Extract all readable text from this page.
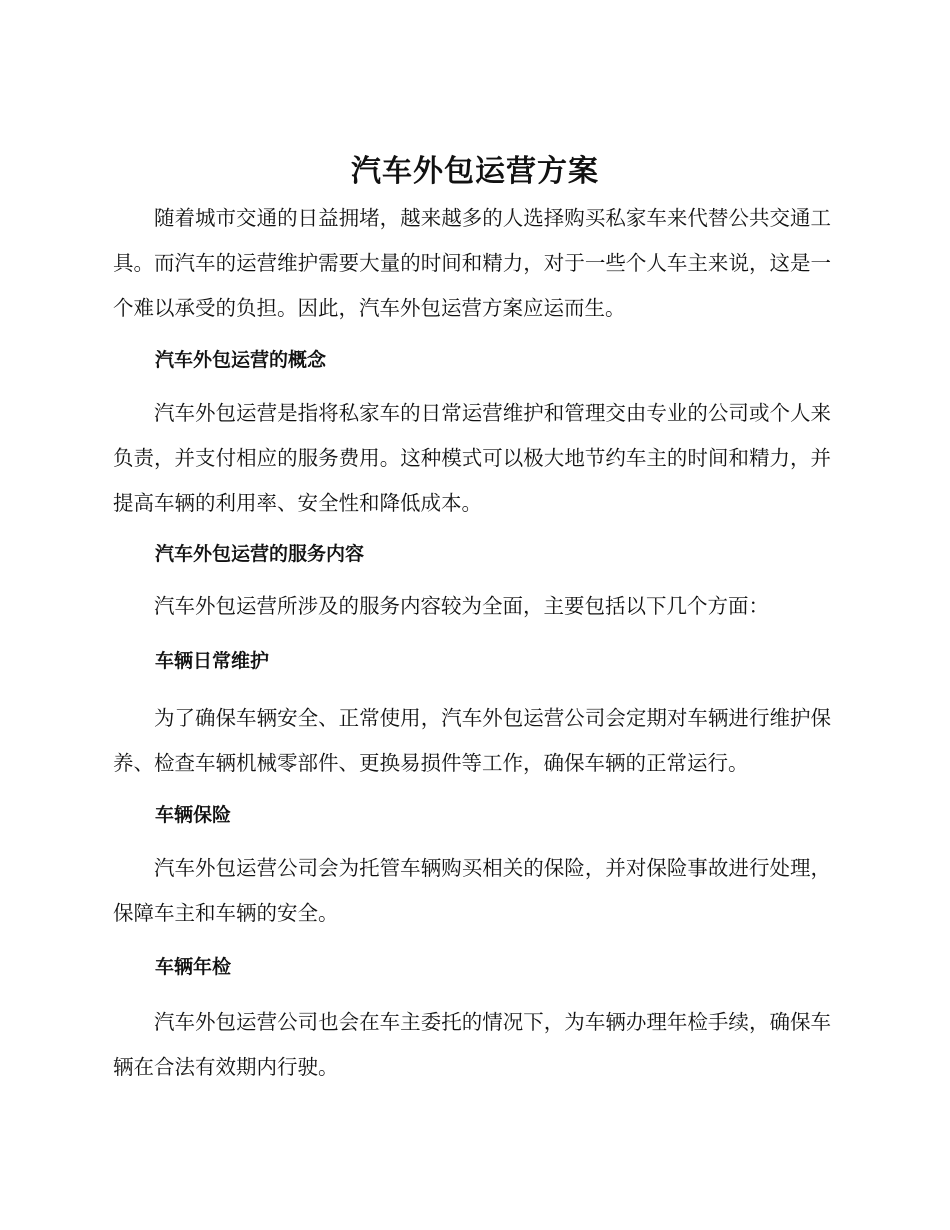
汽车外包运营方案

随着城市交通的日益拥堵，越来越多的人选择购买私家车来代替公共交通工具。而汽车的运营维护需要大量的时间和精力，对于一些个人车主来说，这是一个难以承受的负担。因此，汽车外包运营方案应运而生。

汽车外包运营的概念

汽车外包运营是指将私家车的日常运营维护和管理交由专业的公司或个人来负责，并支付相应的服务费用。这种模式可以极大地节约车主的时间和精力，并提高车辆的利用率、安全性和降低成本。

汽车外包运营的服务内容

汽车外包运营所涉及的服务内容较为全面，主要包括以下几个方面：

车辆日常维护

为了确保车辆安全、正常使用，汽车外包运营公司会定期对车辆进行维护保养、检查车辆机械零部件、更换易损件等工作，确保车辆的正常运行。

车辆保险

汽车外包运营公司会为托管车辆购买相关的保险，并对保险事故进行处理，保障车主和车辆的安全。

车辆年检

汽车外包运营公司也会在车主委托的情况下，为车辆办理年检手续，确保车辆在合法有效期内行驶。
